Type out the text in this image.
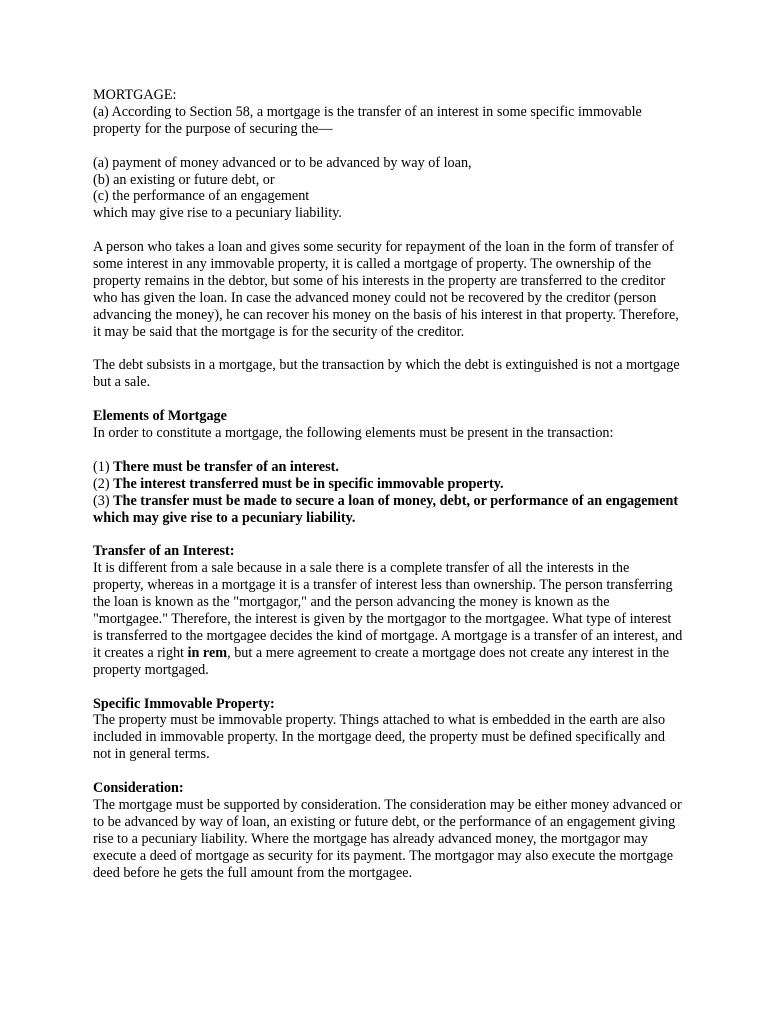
MORTGAGE:

(a) According to Section 58, a mortgage is the transfer of an interest in some specific immovable property for the purpose of securing the—

(a) payment of money advanced or to be advanced by way of loan,

(b) an existing or future debt, or

(c) the performance of an engagement

which may give rise to a pecuniary liability.

A person who takes a loan and gives some security for repayment of the loan in the form of transfer of some interest in any immovable property, it is called a mortgage of property. The ownership of the property remains in the debtor, but some of his interests in the property are transferred to the creditor who has given the loan. In case the advanced money could not be recovered by the creditor (person advancing the money), he can recover his money on the basis of his interest in that property. Therefore, it may be said that the mortgage is for the security of the creditor.

The debt subsists in a mortgage, but the transaction by which the debt is extinguished is not a mortgage but a sale.

Elements of Mortgage

In order to constitute a mortgage, the following elements must be present in the transaction:

(1) There must be transfer of an interest.

(2) The interest transferred must be in specific immovable property.

(3) The transfer must be made to secure a loan of money, debt, or performance of an engagement which may give rise to a pecuniary liability.

Transfer of an Interest:

It is different from a sale because in a sale there is a complete transfer of all the interests in the property, whereas in a mortgage it is a transfer of interest less than ownership. The person transferring the loan is known as the "mortgagor," and the person advancing the money is known as the "mortgagee." Therefore, the interest is given by the mortgagor to the mortgagee. What type of interest is transferred to the mortgagee decides the kind of mortgage. A mortgage is a transfer of an interest, and it creates a right in rem, but a mere agreement to create a mortgage does not create any interest in the property mortgaged.

Specific Immovable Property:

The property must be immovable property. Things attached to what is embedded in the earth are also included in immovable property. In the mortgage deed, the property must be defined specifically and not in general terms.

Consideration:

The mortgage must be supported by consideration. The consideration may be either money advanced or to be advanced by way of loan, an existing or future debt, or the performance of an engagement giving rise to a pecuniary liability. Where the mortgage has already advanced money, the mortgagor may execute a deed of mortgage as security for its payment. The mortgagor may also execute the mortgage deed before he gets the full amount from the mortgagee.
